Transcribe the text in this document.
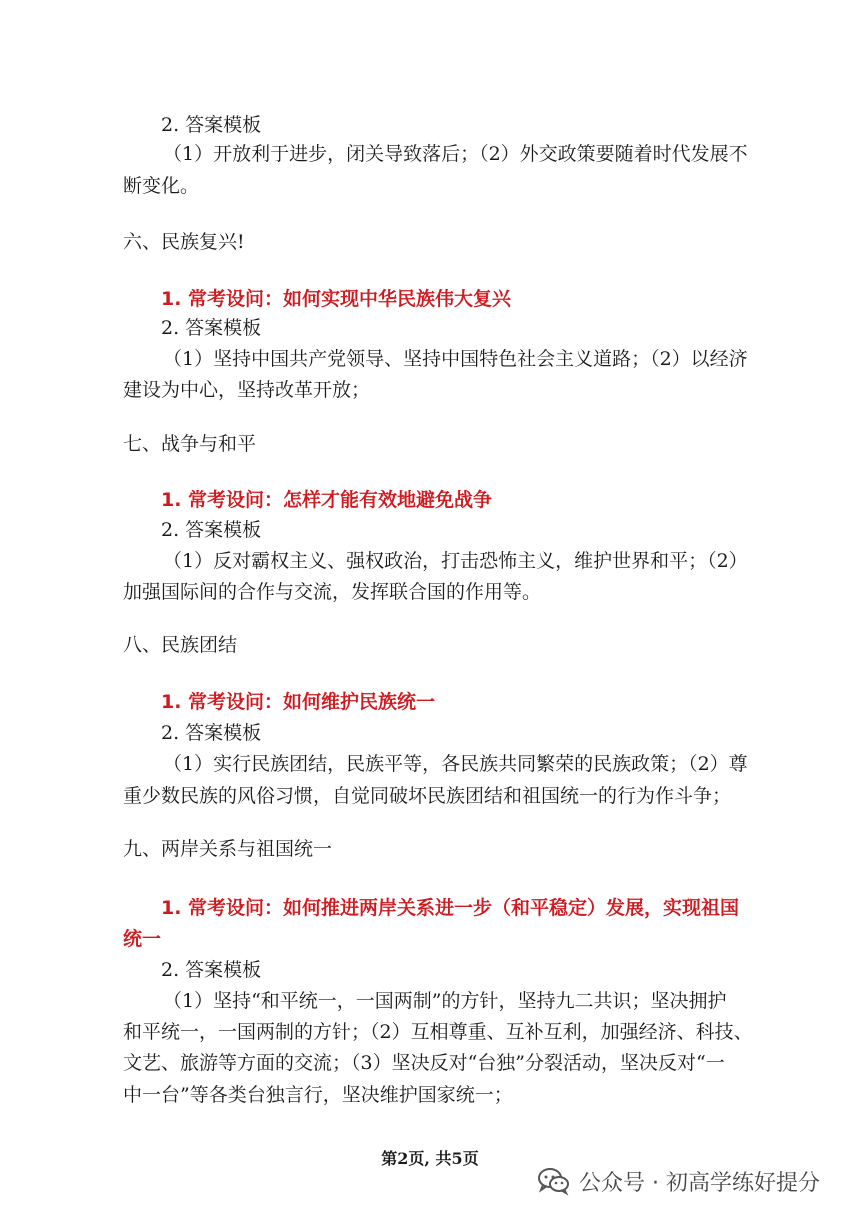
2. 答案模板
（1）开放利于进步，闭关导致落后；（2）外交政策要随着时代发展不
断变化。
六、民族复兴!
1. 常考设问：如何实现中华民族伟大复兴
2. 答案模板
（1）坚持中国共产党领导、坚持中国特色社会主义道路；（2）以经济
建设为中心，坚持改革开放；
七、战争与和平
1. 常考设问：怎样才能有效地避免战争
2. 答案模板
（1）反对霸权主义、强权政治，打击恐怖主义，维护世界和平；（2）
加强国际间的合作与交流，发挥联合国的作用等。
八、民族团结
1. 常考设问：如何维护民族统一
2. 答案模板
（1）实行民族团结，民族平等，各民族共同繁荣的民族政策；（2）尊
重少数民族的风俗习惯，自觉同破坏民族团结和祖国统一的行为作斗争；
九、两岸关系与祖国统一
1. 常考设问：如何推进两岸关系进一步（和平稳定）发展，实现祖国
统一
2. 答案模板
（1）坚持“和平统一，一国两制”的方针，坚持九二共识；坚决拥护
和平统一，一国两制的方针；（2）互相尊重、互补互利，加强经济、科技、
文艺、旅游等方面的交流；（3）坚决反对“台独”分裂活动，坚决反对“一
中一台”等各类台独言行，坚决维护国家统一；
第2页, 共5页
公众号 · 初高学练好提分
